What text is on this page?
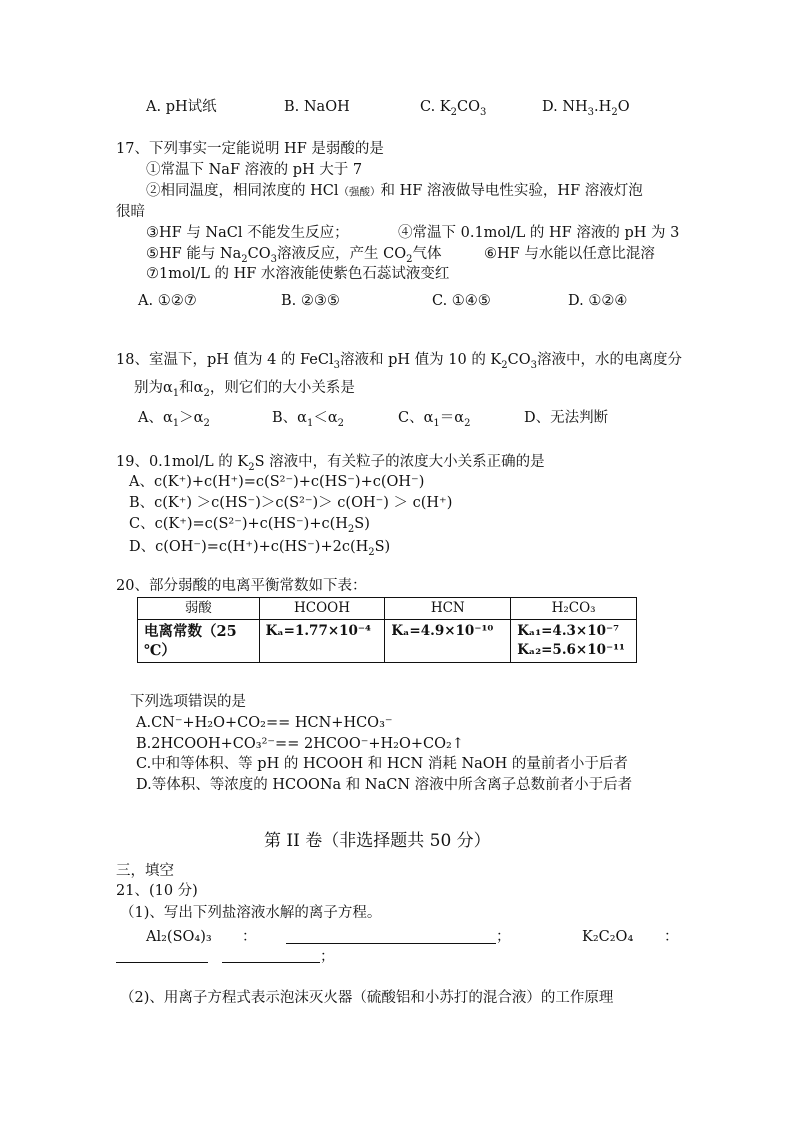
A. pH试纸	B. NaOH	C. $K_2CO_3$	D. $NH_3.H_2O$
17、下列事实一定能说明 HF 是弱酸的是
①常温下 NaF 溶液的 pH 大于 7
②相同温度，相同浓度的 HCl（强酸）和 HF 溶液做导电性实验，HF 溶液灯泡
很暗
③HF 与 NaCl 不能发生反应；	④常温下 0.1mol/L 的 HF 溶液的 pH 为 3
⑤HF 能与 $Na_2CO_3$溶液反应，产生 $CO_2$气体	⑥HF 与水能以任意比混溶
⑦1mol/L 的 HF 水溶液能使紫色石蕊试液变红
A. ①②⑦	B. ②③⑤	C. ①④⑤	D. ①②④
18、室温下，pH 值为 4 的 FeCl$_3$溶液和 pH 值为 10 的 $K_2CO_3$溶液中，水的电离度分
别为$\alpha_1$和$\alpha_2$，则它们的大小关系是
A、$\alpha_1>\alpha_2$	B、$\alpha_1<\alpha_2$	C、$\alpha_1=\alpha_2$	D、无法判断
19、0.1mol/L 的 $K_2S$ 溶液中，有关粒子的浓度大小关系正确的是
A、c(K⁺)+c(H⁺)=c(S²⁻)+c(HS⁻)+c(OH⁻)
B、c(K⁺) ＞c(HS⁻)＞c(S²⁻)＞ c(OH⁻) ＞ c(H⁺)
C、$c(K^+)=c(S^{2-})+c(HS^-)+c(H_2S)$
D、$c(OH^-)=c(H^+)+c(HS^-)+2c(H_2S)$
20、部分弱酸的电离平衡常数如下表：
弱酸	HCOOH	HCN	H₂CO₃
电离常数（25 ℃）	Kₐ=1.77×10⁻⁴	Kₐ=4.9×10⁻¹⁰	Kₐ₁=4.3×10⁻⁷
Kₐ₂=5.6×10⁻¹¹
下列选项错误的是
A.CN⁻+H₂O+CO₂== HCN+HCO₃⁻
B.2HCOOH+CO₃²⁻== 2HCOO⁻+H₂O+CO₂↑
C.中和等体积、等 pH 的 HCOOH 和 HCN 消耗 NaOH 的量前者小于后者
D.等体积、等浓度的 HCOONa 和 NaCN 溶液中所含离子总数前者小于后者
第 II 卷（非选择题共 50 分）
三，填空
21、(10 分)
（1)、写出下列盐溶液水解的离子方程。
Al₂(SO₄)₃ ：	；	K₂C₂O₄ ：
；
（2)、用离子方程式表示泡沫灭火器（硫酸铝和小苏打的混合液）的工作原理
